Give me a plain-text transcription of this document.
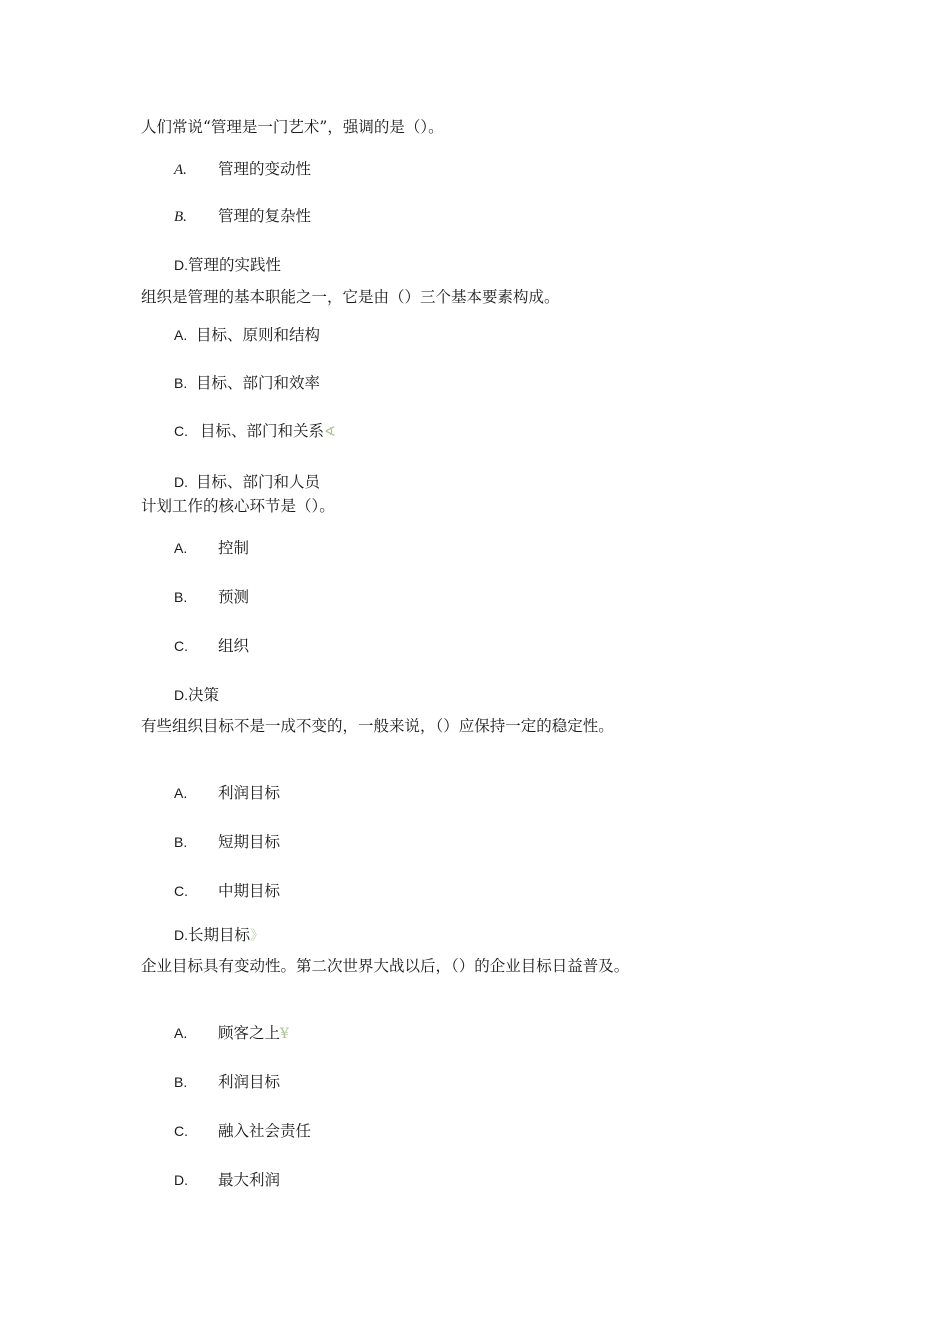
人们常说“管理是一门艺术”，强调的是（）。
A. 管理的变动性
B. 管理的复杂性
D.管理的实践性
组织是管理的基本职能之一，它是由（）三个基本要素构成。
A. 目标、原则和结构
B. 目标、部门和效率
C. 目标、部门和关系∢
D. 目标、部门和人员
计划工作的核心环节是（）。
A. 控制
B. 预测
C. 组织
D.决策
有些组织目标不是一成不变的，一般来说，（）应保持一定的稳定性。
A. 利润目标
B. 短期目标
C. 中期目标
D.长期目标》
企业目标具有变动性。第二次世界大战以后，（）的企业目标日益普及。
A. 顾客之上¥
B. 利润目标
C. 融入社会责任
D. 最大利润
